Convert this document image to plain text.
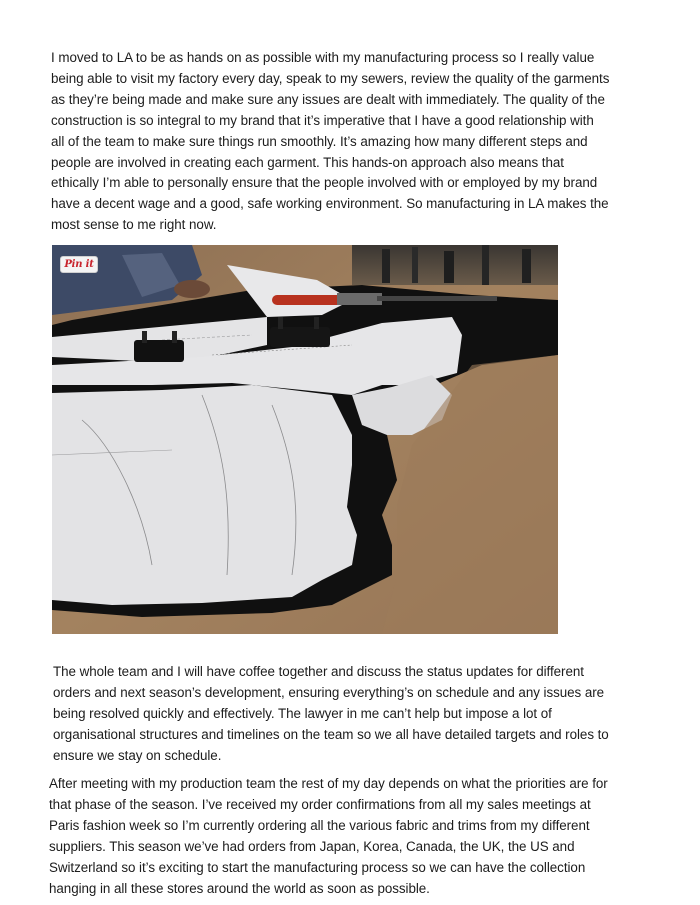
I moved to LA to be as hands on as possible with my manufacturing process so I really value
being able to visit my factory every day, speak to my sewers, review the quality of the garments
as they’re being made and make sure any issues are dealt with immediately. The quality of the
construction is so integral to my brand that it’s imperative that I have a good relationship with
all of the team to make sure things run smoothly. It’s amazing how many different steps and
people are involved in creating each garment. This hands-on approach also means that
ethically I’m able to personally ensure that the people involved with or employed by my brand
have a decent wage and a good, safe working environment. So manufacturing in LA makes the
most sense to me right now.

Pin it

The whole team and I will have coffee together and discuss the status updates for different
orders and next season’s development, ensuring everything’s on schedule and any issues are
being resolved quickly and effectively. The lawyer in me can’t help but impose a lot of
organisational structures and timelines on the team so we all have detailed targets and roles to
ensure we stay on schedule.

After meeting with my production team the rest of my day depends on what the priorities are for
that phase of the season. I’ve received my order confirmations from all my sales meetings at
Paris fashion week so I’m currently ordering all the various fabric and trims from my different
suppliers. This season we’ve had orders from Japan, Korea, Canada, the UK, the US and
Switzerland so it’s exciting to start the manufacturing process so we can have the collection
hanging in all these stores around the world as soon as possible.
